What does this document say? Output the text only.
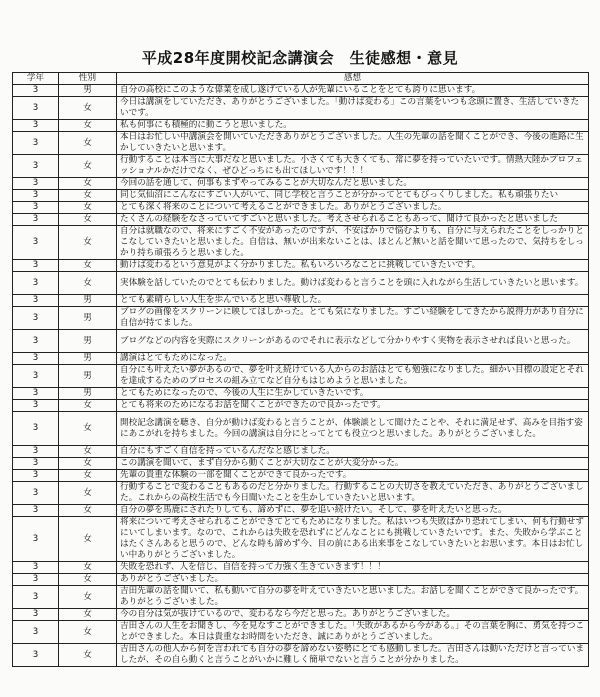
平成28年度開校記念講演会　生徒感想・意見
学年	性別	感想
3	男	自分の高校にこのような偉業を成し遂げている人が先輩にいることをとても誇りに思います。
3	女	今日は講演をしていただき、ありがとうございました。「動けば変わる」この言葉をいつも念頭に置き、生活していきたいです。
3	女	私も何事にも積極的に動こうと思いました。
3	女	本日はお忙しい中講演会を開いていただきありがとうございました。人生の先輩の話を聞くことができ、今後の進路に生かしていきたいと思います。
3	女	行動することは本当に大事だなと思いました。小さくても大きくても、常に夢を持っていたいです。情熱大陸かプロフェッショナルかだけでなく、ぜひどっちにも出てほしいです！！！
3	女	今回の話を通して、何事もまずやってみることが大切なんだと思いました。
3	女	同じ気仙沼にこんなにすごい人がいて、同じ学校と言うことが分かってとてもびっくりしました。私も頑張りたい
3	女	とても深く将来のことについて考えることができました。ありがとうございました。
3	女	たくさんの経験をなさっていてすごいと思いました。考えさせられることもあって、聞けて良かったと思いました
3	女	自分は就職なので、将来にすごく不安があったのですが、不安ばかりで悩むよりも、自分に与えられたことをしっかりとこなしていきたいと思いました。自信は、無いが出来ないことは、ほとんど無いと話を聞いて思ったので、気持ちをしっかり持ち頑張ろうと思いました。
3	女	動けば変わるという意見がよく分かりました。私もいろいろなことに挑戦していきたいです。
3	女	実体験を話していたのでとても伝わりました。動けば変わると言うことを頭に入れながら生活していきたいと思います。
3	男	とても素晴らしい人生を歩んでいると思い尊敬した。
3	男	ブログの画像をスクリーンに映してほしかった。とても気になりました。すごい経験をしてきたから説得力があり自分に自信が持てました。
3	男	ブログなどの内容を実際にスクリーンがあるのでそれに表示などして分かりやすく実物を表示させれば良いと思った。
3	男	講演はとてもためになった。
3	男	自分にも叶えたい夢があるので、夢を叶え続けている人からのお話はとても勉強になりました。細かい目標の設定とそれを達成するためのプロセスの組み立てなど自分もはじめようと思いました。
3	男	とてもためになったので、今後の人生に生かしていきたいです。
3	女	とても将来のためになるお話を聞くことができたので良かったです。
3	女	開校記念講演を聴き、自分が動けば変わると言うことが、体験談として聞けたことや、それに満足せず、高みを目指す姿にあこがれを持ちました。今回の講演は自分にとってとても役立つと思いました。ありがとうございました。
3	女	自分にもすごく自信を持っているんだなと感じました。
3	女	この講演を聞いて、まず自分から動くことが大切なことが大変分かった。
3	女	先輩の貴重な体験の一部を聞くことができて良かったです。
3	女	行動することで変わることもあるのだと分かりました。行動することの大切さを教えていただき、ありがとうございました。これからの高校生活でも今日聞いたことを生かしていきたいと思います。
3	女	自分の夢を馬鹿にされたりしても、諦めずに、夢を追い続けたい。そして、夢を叶えたいと思った。
3	女	将来について考えさせられることができてとてもためになりました。私はいつも失敗ばかり恐れてしまい、何も行動せずにいてしまいます。なので、これからは失敗を恐れずにどんなことにも挑戦していきたいです。また、失敗から学ぶことはたくさんあると思うので、どんな時も諦めず今、目の前にある出来事をこなしていきたいとお思います。本日はお忙しい中ありがとうございました。
3	女	失敗を恐れず、人を信じ、自信を持って力強く生きていきます！！！
3	女	ありがとうございました。
3	女	吉田先輩の話を聞いて、私も動いて自分の夢を叶えていきたいと思いました。お話しを聞くことができて良かったです。ありがとうございました。
3	女	今の自分は気が抜けているので、変わるなら今だと思った。ありがとうございました。
3	女	吉田さんの人生をお聞きし、今を見なすことができました。「失敗があるから今がある。」その言葉を胸に、勇気を持つことができました。本日は貴重なお時間をいただき、誠にありがとうございました。
3	女	吉田さんの他人から何を言われても自分の夢を諦めない姿勢にとても感動しました。吉田さんは動いただけと言っていましたが、その自ら動くと言うことがいかに難しく簡単でないと言うことが分かりました。
